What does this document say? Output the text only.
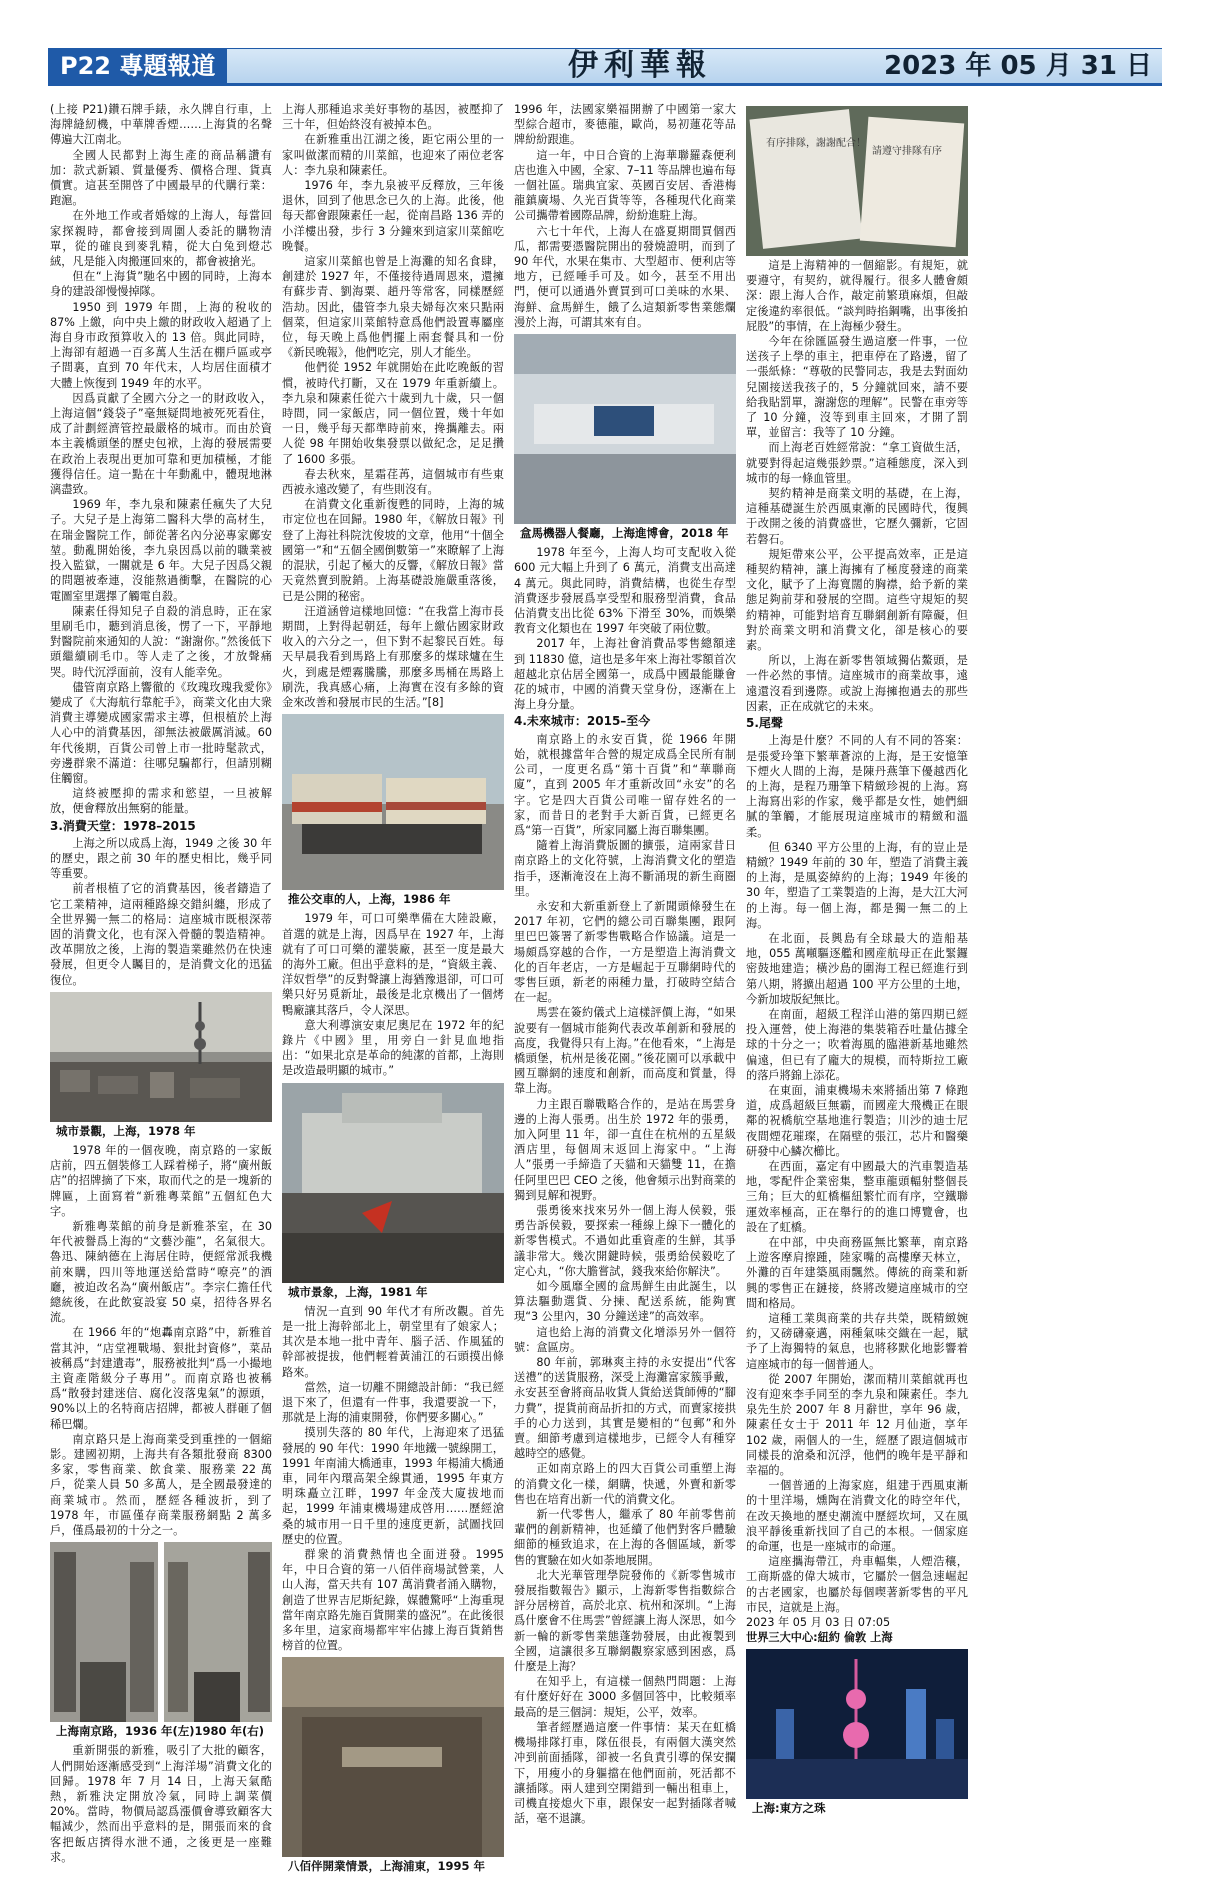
P22 專題報道	伊利華報	2023 年 05 月 31 日

(上接 P21)鑽石牌手錶，永久牌自行車，上海牌縫紉機，中華牌香煙……上海貨的名聲傳遍大江南北。

全國人民都對上海生產的商品稱讚有加：款式新穎、質量優秀、價格合理、貨真價實。這甚至開啓了中國最早的代購行業：跑滬。

在外地工作或者婚嫁的上海人，每當回家探親時，都會接到周圍人委託的購物清單，從的確良到麥乳精，從大白兔到燈芯絨，凡是能入肉搬運回來的，都會被搶光。

但在“上海貨”馳名中國的同時，上海本身的建設卻慢慢掉隊。

1950 到 1979 年間，上海的稅收的 87% 上繳，向中央上繳的財政收入超過了上海自身市政預算收入的 13 倍。與此同時，上海卻有超過一百多萬人生活在棚戶區或亭子間裏，直到 70 年代末，人均居住面積才大體上恢復到 1949 年的水平。

因爲貢獻了全國六分之一的財政收入，上海這個“錢袋子”毫無疑問地被死死看住，成了計劃經濟管控最嚴格的城市。而由於資本主義橋頭堡的歷史包袱，上海的發展需要在政治上表現出更加可靠和更加積極，才能獲得信任。這一點在十年動亂中，體現地淋漓盡致。

1969 年，李九泉和陳素任瘋失了大兒子。大兒子是上海第二醫科大學的高材生，在瑞金醫院工作，師從著名內分泌專家鄺安堃。動亂開始後，李九泉因爲以前的職業被投入監獄，一關就是 6 年。大兒子因爲父親的問題被牽連，沒能熬過衝擊，在醫院的心電圖室里選擇了觸電自殺。

陳素任得知兒子自殺的消息時，正在家里刷毛巾，聽到消息後，愣了一下，平靜地對醫院前來通知的人說：“謝謝你。”然後低下頭繼續刷毛巾。等人走了之後，才放聲痛哭。時代沉浮面前，沒有人能幸免。

儘管南京路上響徹的《玫瑰玫瑰我愛你》變成了《大海航行靠舵手》，商業文化由大衆消費主導變成國家需求主導，但根植於上海人心中的消費基因，卻無法被嚴厲消滅。60 年代後期，百貨公司曾上市一批時髦款式，旁邊群衆不滿道：往哪兒騙都行，但請別糊住觸窗。

這終被壓抑的需求和慾望，一旦被解放，便會釋放出無窮的能量。

3.消費天堂：1978–2015

上海之所以成爲上海，1949 之後 30 年的歷史，跟之前 30 年的歷史相比，幾乎同等重要。

前者根植了它的消費基因，後者鑄造了它工業精神，這兩種路線交錯糾纏，形成了全世界獨一無二的格局：這座城市既根深蒂固的消費文化，也有深入骨髓的製造精神。改革開放之後，上海的製造業雖然仍在快速發展，但更令人矚目的，是消費文化的迅猛復位。

城市景觀，上海，1978 年

1978 年的一個夜晚，南京路的一家飯店前，四五個裝修工人踩着梯子，將“廣州飯店”的招牌摘了下來，取而代之的是一塊新的牌匾，上面寫着“新雅粵菜館”五個紅色大字。

新雅粵菜館的前身是新雅茶室，在 30 年代被譽爲上海的“文藝沙龍”，名氣很大。魯迅、陳納德在上海居住時，便經常派我機前來購，四川等地運送給當時“嘹亮”的酒廳，被迫改名為“廣州飯店”。李宗仁擔任代總統後，在此飲宴設宴 50 桌，招待各界名流。

在 1966 年的“炮轟南京路”中，新雅首當其沖，“店堂裡戰場、狠批封資修”，菜品被稱爲“封建遺毒”，服務被批判“爲一小撮地主資產階級分子專用”。而南京路也被稱爲“散發封建迷信、腐化沒落鬼氣”的源頭，90%以上的名特商店招牌，都被人群砸了個稀巴爛。

南京路只是上海商業受到重挫的一個縮影。建國初期，上海共有各類批發商 8300 多家，零售商業、飲食業、服務業 22 萬戶，從業人員 50 多萬人，是全國最發達的商業城市。然而，歷經各種波折，到了 1978 年，市區僅存商業服務網點 2 萬多戶，僅爲最初的十分之一。

上海南京路，1936 年(左)1980 年(右)

重新開張的新雅，吸引了大批的顧客，人們開始逐漸感受到“上海洋場”消費文化的回歸。1978 年 7 月 14 日，上海天氣酷熱，新雅決定開放冷氣，同時上調菜價 20%。當時，物價局認爲漲價會導致顧客大幅減少，然而出乎意料的是，開張而來的食客把飯店擠得水泄不通，之後更是一座難求。

上海人那種追求美好事物的基因，被壓抑了三十年，但始終沒有被掉本色。

在新雅重出江湖之後，距它兩公里的一家叫做潔而精的川菜館，也迎來了兩位老客人：李九泉和陳素任。

1976 年，李九泉被平反釋放，三年後退休，回到了他思念已久的上海。此後，他每天都會跟陳素任一起，從南昌路 136 弄的小洋樓出發，步行 3 分鐘來到這家川菜館吃晚餐。

這家川菜館也曾是上海灘的知名食肆，創建於 1927 年，不僅接待過周恩來，還擁有蘇步青、劉海粟、趙丹等常客，同樣歷經浩劫。因此，儘管李九泉夫婦每次來只點兩個菜，但這家川菜館特意爲他們設置專屬座位，每天晚上爲他們擺上兩套餐具和一份《新民晚報》，他們吃完，別人才能坐。

他們從 1952 年就開始在此吃晚飯的習慣，被時代打斷，又在 1979 年重新續上。李九泉和陳素任從六十歲到九十歲，只一個時間，同一家飯店，同一個位置，幾十年如一日，幾乎每天都準時前來，搀攜離去。兩人從 98 年開始收集發票以做紀念，足足攢了 1600 多張。

春去秋來，星霜荏苒，這個城市有些東西被永遠改變了，有些則沒有。

在消費文化重新復甦的同時，上海的城市定位也在回歸。1980 年，《解放日報》刊登了上海社科院沈俊坡的文章，他用“十個全國第一”和“五個全國倒數第一”來瞭解了上海的混狀，引起了極大的反響，《解放日報》當天竟然賣到脫銷。上海基礎設施嚴重落後，已是公開的秘密。

汪道涵曾這樣地回憶：“在我當上海市長期間，上對得起朝廷，每年上繳佔國家財政收入的六分之一，但下對不起黎民百姓。每天早晨我看到馬路上有那麼多的煤球爐在生火，到處是煙霧騰騰，那麼多馬桶在馬路上刷洗，我真感心痛，上海實在沒有多餘的資金來改善和發展市民的生活。”[8]

推公交車的人，上海，1986 年

1979 年，可口可樂準備在大陸設廠，首選的就是上海，因爲早在 1927 年，上海就有了可口可樂的灌裝廠，甚至一度是最大的海外工廠。但出乎意料的是，“資級主義、洋奴哲學”的反對聲讓上海猶豫退卻，可口可樂只好另覓新址，最後是北京機出了一個烤鴨廠讓其落戶，令人深思。

意大利導演安東尼奧尼在 1972 年的紀錄片《中國》里，用旁白一針見血地指出：“如果北京是革命的純潔的首都，上海則是改造最明顯的城市。”

城市景象，上海，1981 年

情況一直到 90 年代才有所改觀。首先是一批上海幹部北上，朝堂里有了娘家人；其次是本地一批中青年、腦子活、作風猛的幹部被提拔，他們輕着黃浦江的石頭摸出條路來。

當然，這一切離不開總設計師：“我已經退下來了，但還有一件事，我還要說一下，那就是上海的浦東開發，你們要多關心。”

摸別失落的 80 年代，上海迎來了迅猛發展的 90 年代：1990 年地鐵一號線開工，1991 年南浦大橋通車，1993 年楊浦大橋通車，同年內環高架全線貫通，1995 年東方明珠矗立江畔，1997 年金茂大廈拔地而起，1999 年浦東機場建成啓用……歷經滄桑的城市用一日千里的速度更新，試圖找回歷史的位置。

群衆的消費熱情也全面迸發。1995 年，中日合資的第一八佰伴商場試營業，人山人海，當天共有 107 萬消費者涌入購物，創造了世界吉尼斯紀錄，媒體驚呼“上海重現當年南京路先施百貨開業的盛況”。在此後很多年里，這家商場都牢牢佔據上海百貨銷售榜首的位置。

八佰伴開業情景，上海浦東，1995 年

1996 年，法國家樂福開辦了中國第一家大型綜合超市，麥德龍，歐尚，易初蓮花等品牌紛紛跟進。

這一年，中日合資的上海華聯羅森便利店也進入中國，全家、7–11 等品牌也遍布每一個社區。瑞典宜家、英國百安居、香港梅龍鎮廣場、久光百貨等等，各種現代化商業公司攜帶着國際品牌，紛紛進駐上海。

六七十年代，上海人在盛夏期間買個西瓜，都需要憑醫院開出的發燒證明，而到了 90 年代，水果在集市、大型超市、便利店等地方，已經唾手可及。如今，甚至不用出門，便可以通過外賣買到可口美味的水果、海鮮、盒馬鮮生，餓了么這類新零售業態爛漫於上海，可謂其來有自。

盒馬機器人餐廳，上海進博會，2018 年

1978 年至今，上海人均可支配收入從 600 元大幅上升到了 6 萬元，消費支出高達 4 萬元。與此同時，消費結構，也從生存型消費逐步發展爲享受型和服務型消費，食品佔消費支出比從 63% 下滑至 30%，而娛樂教育文化類也在 1997 年突破了兩位數。

2017 年，上海社會消費品零售總額達到 11830 億，這也是多年來上海社零額首次超越北京佔居全國第一，成爲中國最能賺會花的城市，中國的消費天堂身份，逐漸在上海上身分量。

4.未來城市：2015–至今

南京路上的永安百貨，從 1966 年開始，就根據當年合營的規定成爲全民所有制公司，一度更名爲“第十百貨”和“華聯商廈”，直到 2005 年才重新改回“永安”的名字。它是四大百貨公司唯一留存姓名的一家，而昔日的老對手大新百貨，已經更名爲“第一百貨”，所家同屬上海百聯集團。

隨着上海消費版圖的擴張，這兩家昔日南京路上的文化符號，上海消費文化的塑造指手，逐漸淹沒在上海不斷涌現的新生商圈里。

永安和大新重新登上了新聞頭條發生在 2017 年初，它們的總公司百聯集團，跟阿里巴巴簽署了新零售戰略合作協議。這是一場頗爲穿越的合作，一方是塑造上海消費文化的百年老店，一方是崛起于互聯網時代的零售巨頭，新老的兩種力量，打破時空結合在一起。

馬雲在簽約儀式上這樣評價上海，“如果說要有一個城市能夠代表改革創新和發展的高度，我覺得只有上海。”在他看來，“上海是橋頭堡，杭州是後花園。”後花園可以承載中國互聯網的速度和創新，而高度和質量，得靠上海。

力主跟百聯戰略合作的，是站在馬雲身邊的上海人張勇。出生於 1972 年的張勇，加入阿里 11 年，卻一直住在杭州的五星級酒店里，每個周末返回上海家中。“上海人”張勇一手締造了天貓和天貓雙 11，在擔任阿里巴巴 CEO 之後，他會頻示出對商業的獨到見解和視野。

張勇後來找來另外一個上海人侯毅，張勇告訴侯毅，要探索一種線上線下一體化的新零售模式。不過如此重資產的生鮮，其爭議非常大。幾次開鍵時候，張勇給侯毅吃了定心丸，“你大膽嘗試，錢我來給你解決”。

如今風靡全國的盒馬鮮生由此誕生，以算法驅動選貨、分揀、配送系統，能夠實現“3 公里內，30 分鐘送達”的高效率。

這也給上海的消費文化增添另外一個符號：盒區房。

80 年前，郭琳爽主持的永安提出“代客送禮”的送貨服務，深受上海灘富家簇爭戴，永安甚至會將商品收貨人貨給送貨師傅的“腳力費”，提貨前商品折扣的方式，而賣家接拱手的心力送到，其實是變相的“包郵”和外賣。細節考慮到這樣地步，已經令人有種穿越時空的感覺。

正如南京路上的四大百貨公司重塑上海的消費文化一樣，網購，快遞，外賣和新零售也在培育出新一代的消費文化。

新一代零售人，繼承了 80 年前零售前輩們的創新精神，也延續了他們對客戶體驗細節的極致追求，在上海的各個區域，新零售的實驗在如火如荼地展開。

北大光華管理學院發佈的《新零售城市發展指數報告》顯示，上海新零售指數綜合評分居榜首，高於北京、杭州和深圳。“上海爲什麼會不住馬雲”曾經讓上海人深思，如今新一輪的新零售業態蓬勃發展，由此複製到全國，這讓很多互聯網觀察家感到困惑，爲什麼是上海？

在知乎上，有這樣一個熱門問題：上海有什麼好好在 3000 多個回答中，比較頻率最高的是三個詞：規矩，公平，效率。

筆者經歷過這麼一件事情：某天在虹橋機場排隊打車，隊伍很長，有兩個大漢突然冲到前面插隊，卻被一名負責引導的保安攔下，用瘦小的身軀擋在他們面前，死活都不讓插隊。兩人建到空閑錯到一輛出租車上，司機直接熄火下車，跟保安一起對插隊者喊話，毫不退讓。

有序排隊，謝謝配合！
請遵守排隊有序

這是上海精神的一個縮影。有規矩，就要遵守，有契約，就得履行。很多人體會頗深：跟上海人合作，敲定前繁瑣麻煩，但敲定後違約率很低。“談判時掐鋼嘴，出事後拍屁股”的事情，在上海極少發生。

今年在徐匯區發生過這麼一件事，一位送孩子上學的車主，把車停在了路邊，留了一張紙條：“尊敬的民警同志，我是去對面幼兒園接送我孩子的，5 分鐘就回來，請不要給我貼罰單，謝謝您的理解”。民警在車旁等了 10 分鐘，沒等到車主回來，才開了罰單，並留言：我等了 10 分鐘。

而上海老百姓經常說：“拿工資做生活，就要對得起這幾張鈔票。”這種態度，深入到城市的每一條血管里。

契約精神是商業文明的基礎，在上海，這種基礎誕生於西風東漸的民國時代，復興于改開之後的消費盛世，它歷久彌新，它固若磐石。

規矩帶來公平，公平提高效率，正是這種契約精神，讓上海擁有了極度發達的商業文化，賦予了上海寬闊的胸襟，給予新的業態足夠前芽和發展的空間。這些守規矩的契約精神，可能對培育互聯網創新有障礙，但對於商業文明和消費文化，卻是核心的要素。

所以，上海在新零售領域獨佔鰲頭，是一件必然的事情。這座城市的商業故事，遠遠還沒看到邊際。或說上海擁抱過去的那些因素，正在成就它的未來。

5.尾聲

上海是什麼？不同的人有不同的答案：是張愛玲筆下繁華蒼涼的上海，是王安憶筆下煙火人間的上海，是陳丹燕筆下優越西化的上海，是程乃珊筆下精緻珍視的上海。寫上海寫出彩的作家，幾乎都是女性，她們細膩的筆觸，才能展現這座城市的精緻和溫柔。

但 6340 平方公里的上海，有的豈止是精緻？1949 年前的 30 年，塑造了消費主義的上海，是風姿綽約的上海；1949 年後的 30 年，塑造了工業製造的上海，是大江大河的上海。每一個上海，都是獨一無二的上海。

在北面，長興島有全球最大的造船基地，055 萬噸驅逐艦和國産航母正在此緊鑼密鼓地建造；橫沙島的圍海工程已經進行到第八期，將擴出超過 100 平方公里的土地，今新加坡版紀無比。

在南面，超級工程洋山港的第四期已經投入運營，使上海港的集裝箱吞吐量佔據全球的十分之一；吹着海風的臨港新基地雖然偏遠，但已有了龐大的規模，而特斯拉工廠的落戶將錦上添花。

在東面，浦東機場未來將插出第 7 條跑道，成爲超級巨無霸，而國産大飛機正在眼鄰的祝橋航空基地進行製造；川沙的迪士尼夜間煙花璀璨，在隔壁的張江，芯片和醫藥研發中心鱗次櫛比。

在西面，嘉定有中國最大的汽車製造基地，零配件企業密集，整車龍頭輻射整個長三角；巨大的虹橋樞紐繁忙而有序，空鐵聯運效率極高，正在舉行的的進口博覽會，也設在了虹橋。

在中部，中央商務區無比繁華，南京路上遊客摩肩擦踵，陸家嘴的高樓摩天林立，外灘的百年建築風雨飄然。傳統的商業和新興的零售正在鏈接，終將改變這座城市的空間和格局。

這種工業與商業的共存共榮，既精緻婉約，又磅礴豪邁，兩種氣味交織在一起，賦予了上海獨特的氣息，也將移默化地影響着這座城市的每一個普通人。

從 2007 年開始，潔而精川菜館就再也沒有迎來李手同至的李九泉和陳素任。李九泉先生於 2007 年 8 月辭世，享年 96 歲，陳素任女士于 2011 年 12 月仙逝，享年 102 歲，兩個人的一生，經歷了跟這個城市同樣長的滄桑和沉浮，他們的晚年是平靜和幸福的。

一個普通的上海家庭，組建于西風東漸的十里洋場，燻陶在消費文化的時空年代，在改天換地的歷史潮流中歷經坎坷，又在風浪平靜後重新找回了自己的本根。一個家庭的命運，也是一座城市的命運。

這座攜海帶江，舟車輻集，人煙浩穰，工商斯盛的偉大城市，它屬於一個急速崛起的古老國家，也屬於每個喫著新零售的平凡市民，這就是上海。

2023 年 05 月 03 日 07:05

世界三大中心:紐約 倫敦 上海

上海:東方之珠
